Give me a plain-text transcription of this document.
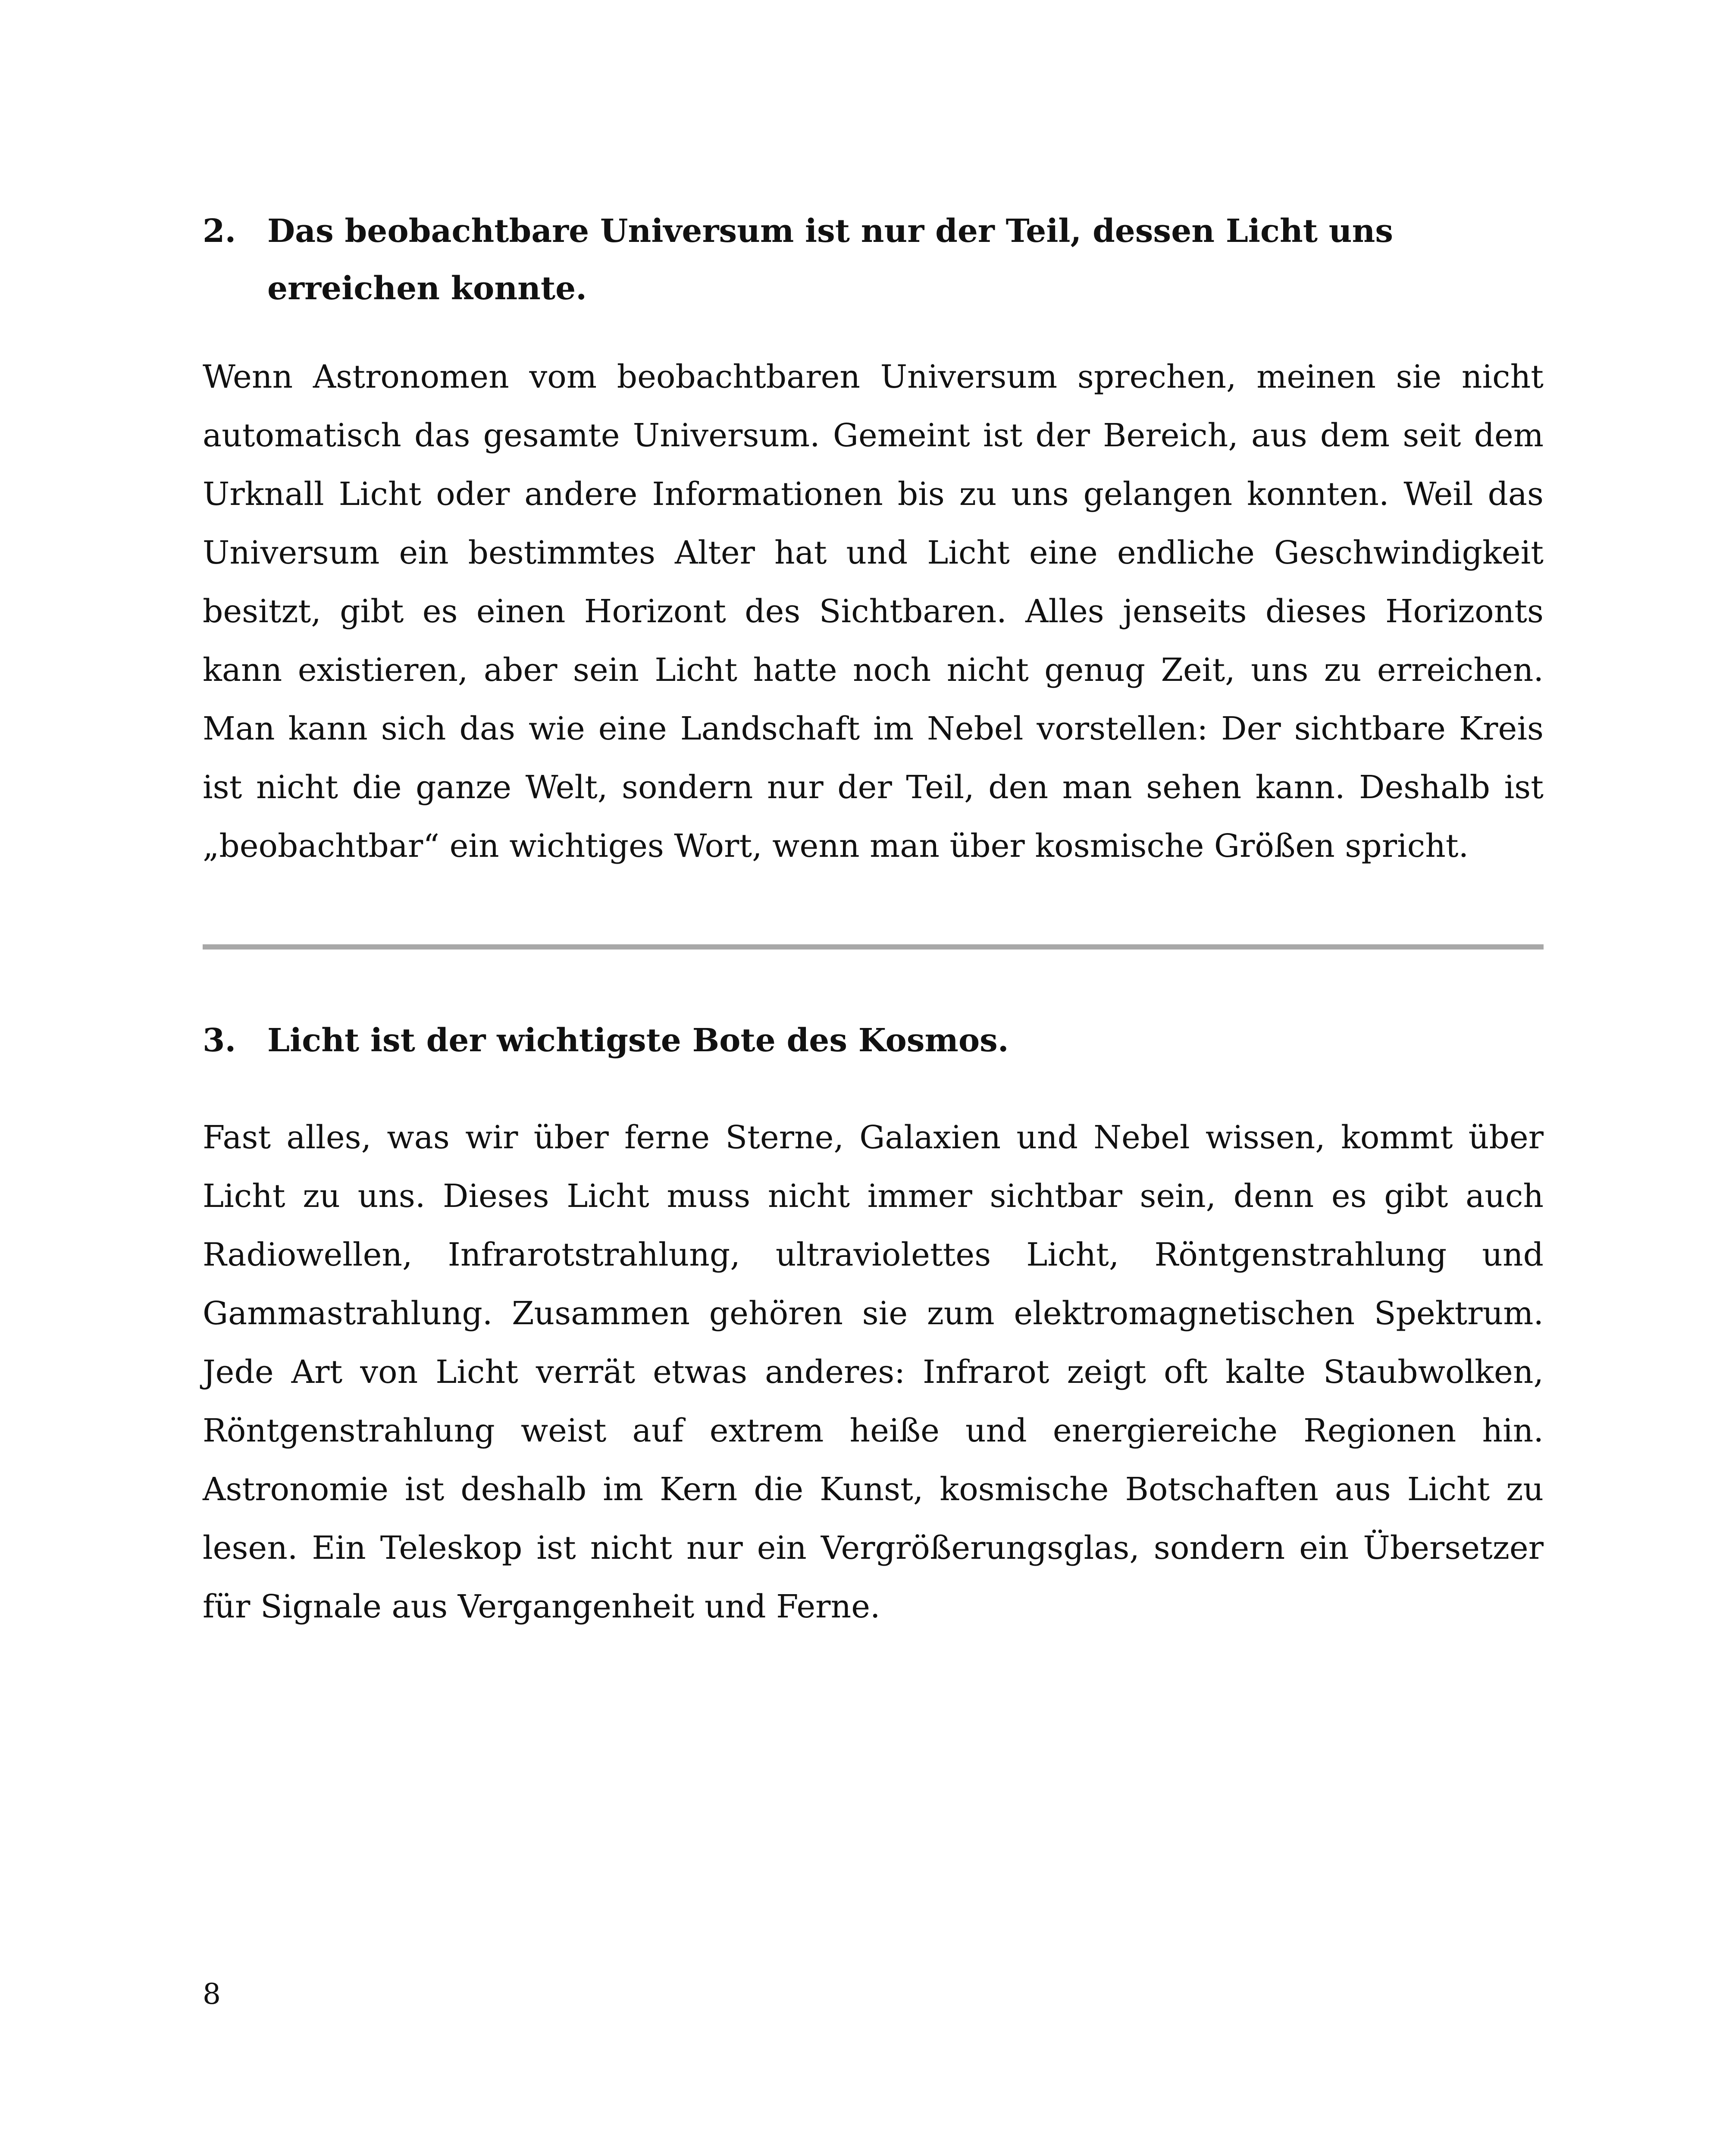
2. Das beobachtbare Universum ist nur der Teil, dessen Licht uns erreichen konnte.

Wenn Astronomen vom beobachtbaren Universum sprechen, meinen sie nicht automatisch das gesamte Universum. Gemeint ist der Bereich, aus dem seit dem Urknall Licht oder andere Informationen bis zu uns gelangen konnten. Weil das Universum ein bestimmtes Alter hat und Licht eine endliche Geschwindigkeit besitzt, gibt es einen Horizont des Sichtbaren. Alles jenseits dieses Horizonts kann existieren, aber sein Licht hatte noch nicht genug Zeit, uns zu erreichen. Man kann sich das wie eine Landschaft im Nebel vorstellen: Der sichtbare Kreis ist nicht die ganze Welt, sondern nur der Teil, den man sehen kann. Deshalb ist „beobachtbar“ ein wichtiges Wort, wenn man über kosmische Größen spricht.

3. Licht ist der wichtigste Bote des Kosmos.

Fast alles, was wir über ferne Sterne, Galaxien und Nebel wissen, kommt über Licht zu uns. Dieses Licht muss nicht immer sichtbar sein, denn es gibt auch Radiowellen, Infrarotstrahlung, ultraviolettes Licht, Röntgenstrahlung und Gammastrahlung. Zusammen gehören sie zum elektromagnetischen Spektrum. Jede Art von Licht verrät etwas anderes: Infrarot zeigt oft kalte Staubwolken, Röntgenstrahlung weist auf extrem heiße und energiereiche Regionen hin. Astronomie ist deshalb im Kern die Kunst, kosmische Botschaften aus Licht zu lesen. Ein Teleskop ist nicht nur ein Vergrößerungsglas, sondern ein Übersetzer für Signale aus Vergangenheit und Ferne.

8
